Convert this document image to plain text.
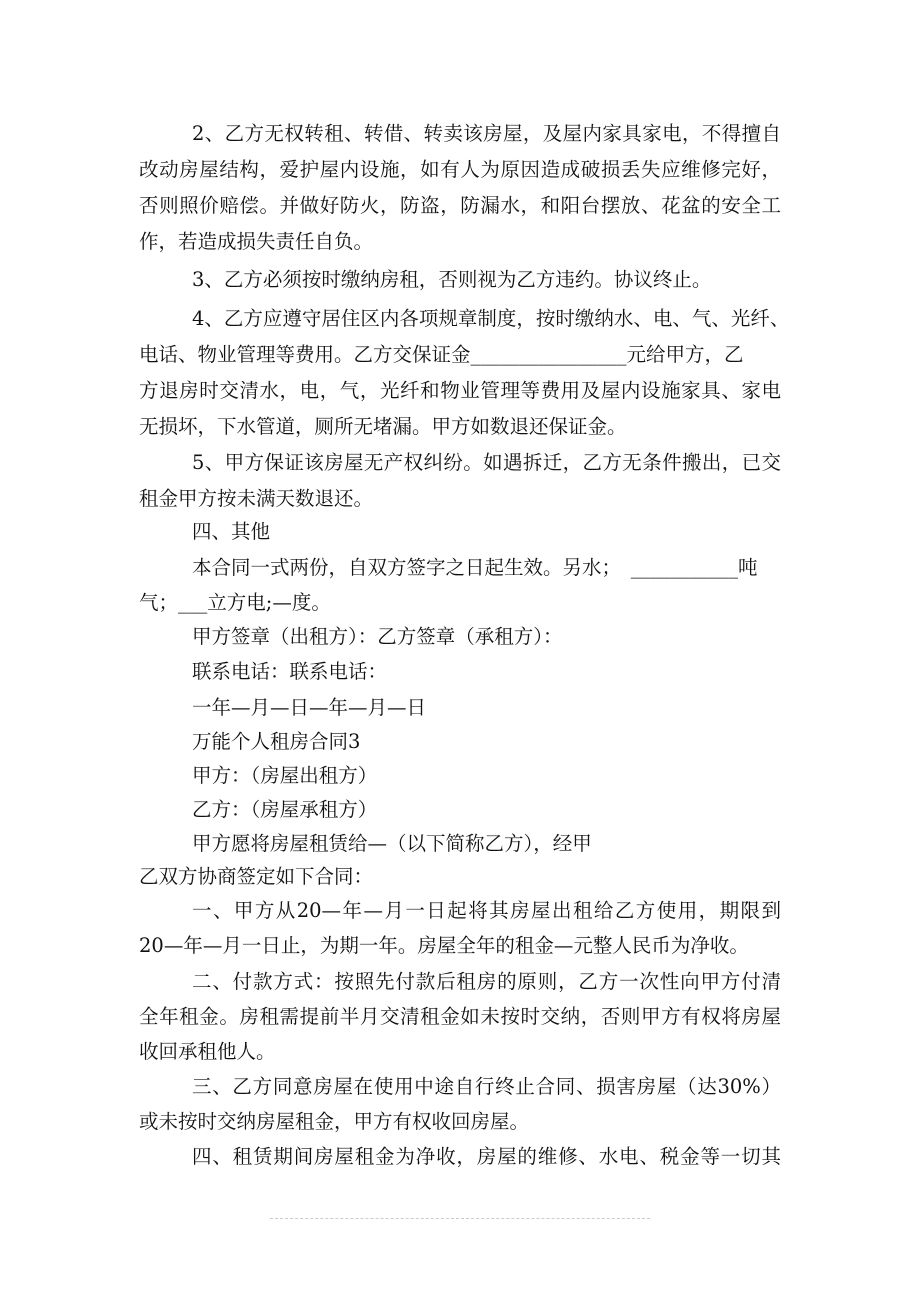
2、乙方无权转租、转借、转卖该房屋，及屋内家具家电，不得擅自
改动房屋结构，爱护屋内设施，如有人为原因造成破损丢失应维修完好，
否则照价赔偿。并做好防火，防盗，防漏水，和阳台摆放、花盆的安全工
作，若造成损失责任自负。
3、乙方必须按时缴纳房租，否则视为乙方违约。协议终止。
4、乙方应遵守居住区内各项规章制度，按时缴纳水、电、气、光纤、
电话、物业管理等费用。乙方交保证金________________元给甲方，乙
方退房时交清水，电，气，光纤和物业管理等费用及屋内设施家具、家电
无损坏，下水管道，厕所无堵漏。甲方如数退还保证金。
5、甲方保证该房屋无产权纠纷。如遇拆迁，乙方无条件搬出，已交
租金甲方按未满天数退还。
四、其他
本合同一式两份，自双方签字之日起生效。另水；　___________吨
气；___立方电;—度。
甲方签章（出租方）：乙方签章（承租方）：
联系电话：联系电话：
一年—月—日—年—月—日
万能个人租房合同3
甲方：（房屋出租方）
乙方：（房屋承租方）
甲方愿将房屋租赁给—（以下简称乙方），经甲
乙双方协商签定如下合同：
一、甲方从20—年—月一日起将其房屋出租给乙方使用，期限到
20—年—月一日止，为期一年。房屋全年的租金—元整人民币为净收。
二、付款方式：按照先付款后租房的原则，乙方一次性向甲方付清
全年租金。房租需提前半月交清租金如未按时交纳，否则甲方有权将房屋
收回承租他人。
三、乙方同意房屋在使用中途自行终止合同、损害房屋（达30%）
或未按时交纳房屋租金，甲方有权收回房屋。
四、租赁期间房屋租金为净收，房屋的维修、水电、税金等一切其
